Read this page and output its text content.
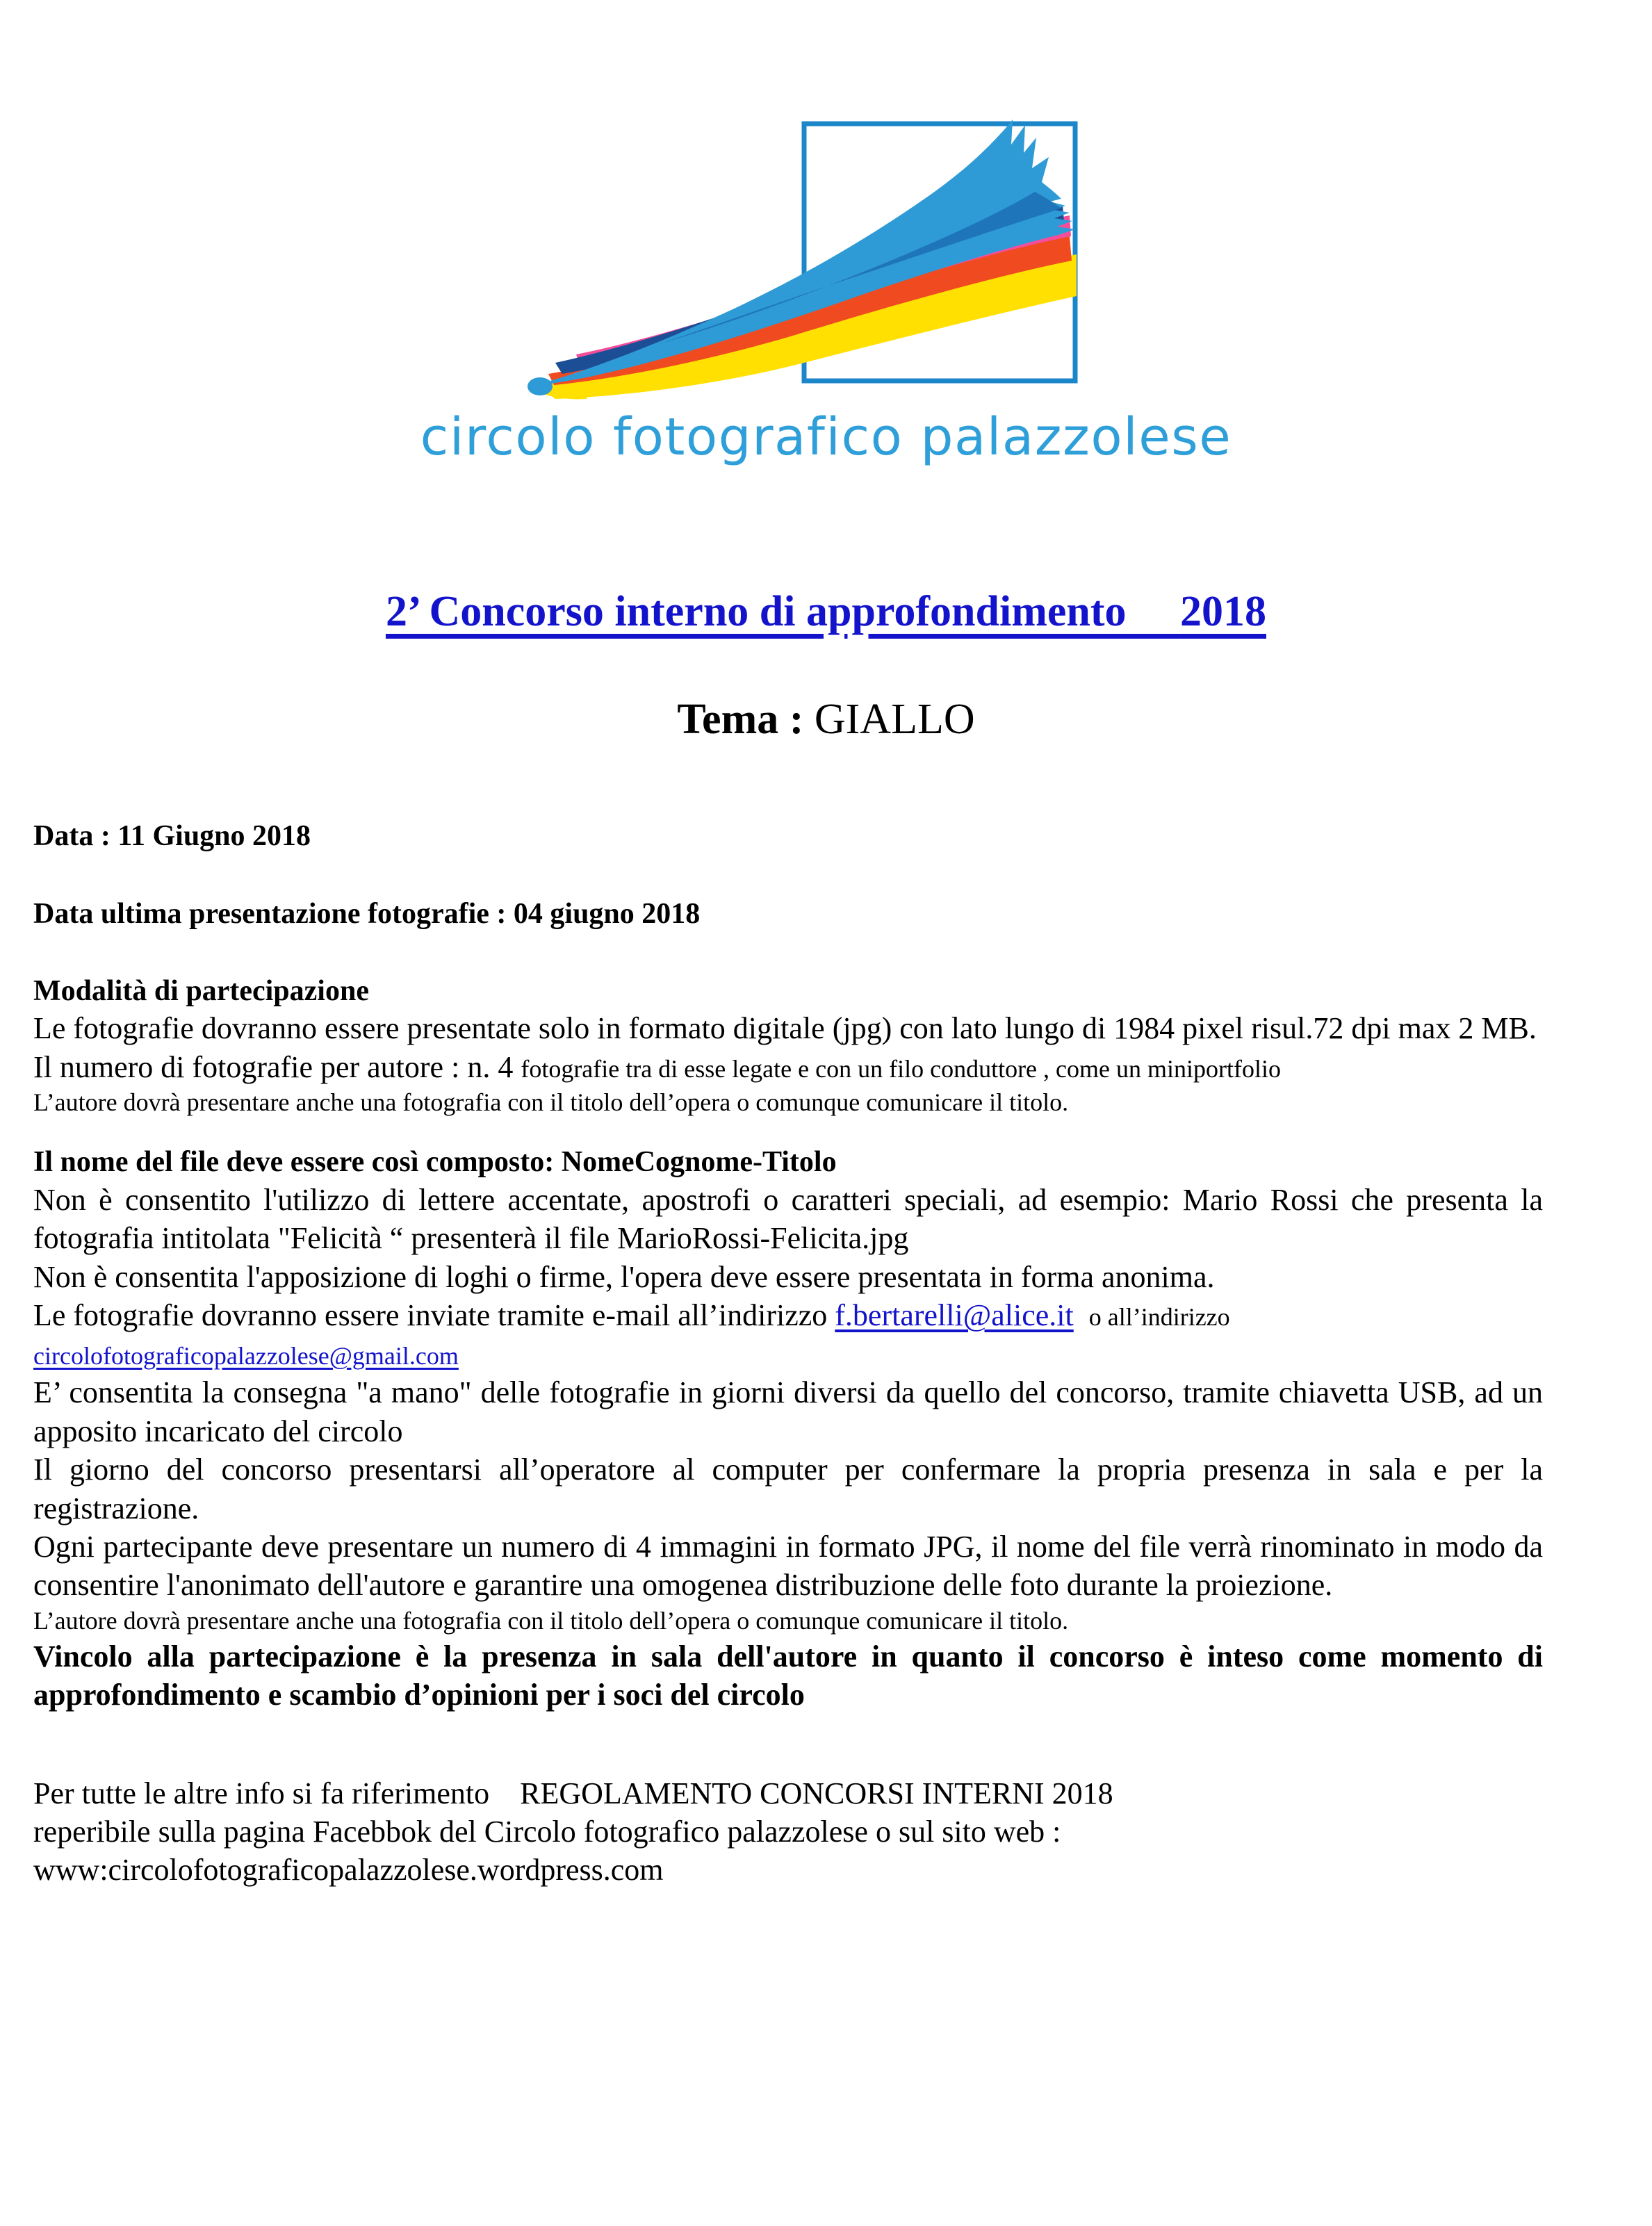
circolo fotografico palazzolese
2’ Concorso interno di approfondimento 2018
Tema : GIALLO

Data : 11 Giugno 2018

Data ultima presentazione fotografie : 04 giugno 2018

Modalità di partecipazione

Le fotografie dovranno essere presentate solo in formato digitale (jpg) con lato lungo di 1984 pixel risul.72 dpi max 2 MB.

Il numero di fotografie per autore : n. 4 fotografie tra di esse legate e con un filo conduttore , come un miniportfolio

L’autore dovrà presentare anche una fotografia con il titolo dell’opera o comunque comunicare il titolo.

Il nome del file deve essere così composto: NomeCognome-Titolo

Non è consentito l'utilizzo di lettere accentate, apostrofi o caratteri speciali, ad esempio: Mario Rossi che presenta la fotografia intitolata "Felicità “ presenterà il file MarioRossi-Felicita.jpg

Non è consentita l'apposizione di loghi o firme, l'opera deve essere presentata in forma anonima.

Le fotografie dovranno essere inviate tramite e-mail all’indirizzo f.bertarelli@alice.it o all’indirizzo

circolofotograficopalazzolese@gmail.com

E’ consentita la consegna "a mano" delle fotografie in giorni diversi da quello del concorso, tramite chiavetta USB, ad un apposito incaricato del circolo

Il giorno del concorso presentarsi all’operatore al computer per confermare la propria presenza in sala e per la registrazione.

Ogni partecipante deve presentare un numero di 4 immagini in formato JPG, il nome del file verrà rinominato in modo da consentire l'anonimato dell'autore e garantire una omogenea distribuzione delle foto durante la proiezione.

L’autore dovrà presentare anche una fotografia con il titolo dell’opera o comunque comunicare il titolo.

Vincolo alla partecipazione è la presenza in sala dell'autore in quanto il concorso è inteso come momento di approfondimento e scambio d’opinioni per i soci del circolo

Per tutte le altre info si fa riferimento REGOLAMENTO CONCORSI INTERNI 2018

reperibile sulla pagina Facebbok del Circolo fotografico palazzolese o sul sito web :

www:circolofotograficopalazzolese.wordpress.com
